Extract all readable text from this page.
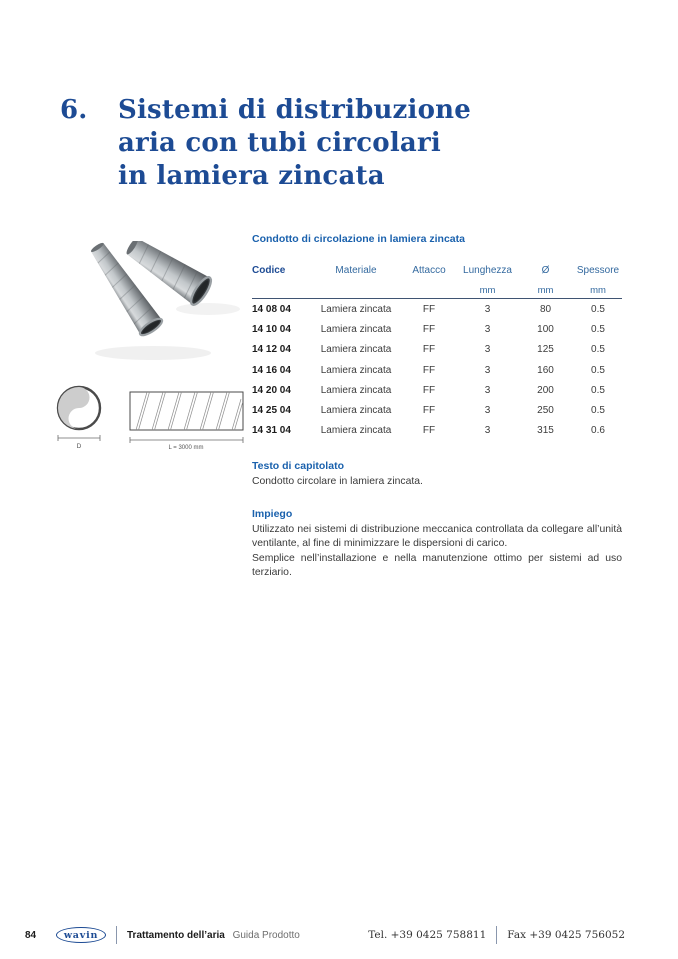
6.	Sistemi di distribuzione
aria con tubi circolari
in lamiera zincata
D	L = 3000 mm
Condotto di circolazione in lamiera zincata
Codice	Materiale	Attacco	Lunghezza	Ø	Spessore
			mm	mm	mm
14 08 04	Lamiera zincata	FF	3	80	0.5
14 10 04	Lamiera zincata	FF	3	100	0.5
14 12 04	Lamiera zincata	FF	3	125	0.5
14 16 04	Lamiera zincata	FF	3	160	0.5
14 20 04	Lamiera zincata	FF	3	200	0.5
14 25 04	Lamiera zincata	FF	3	250	0.5
14 31 04	Lamiera zincata	FF	3	315	0.6
Testo di capitolato

Condotto circolare in lamiera zincata.

Impiego

Utilizzato nei sistemi di distribuzione meccanica controllata da collegare all’unità ventilante, al fine di minimizzare le dispersioni di carico.

Semplice nell’installazione e nella manutenzione ottimo per sistemi ad uso terziario.

84	wavin	Trattamento dell’aria Guida Prodotto	Tel. +39 0425 758811 Fax +39 0425 756052
